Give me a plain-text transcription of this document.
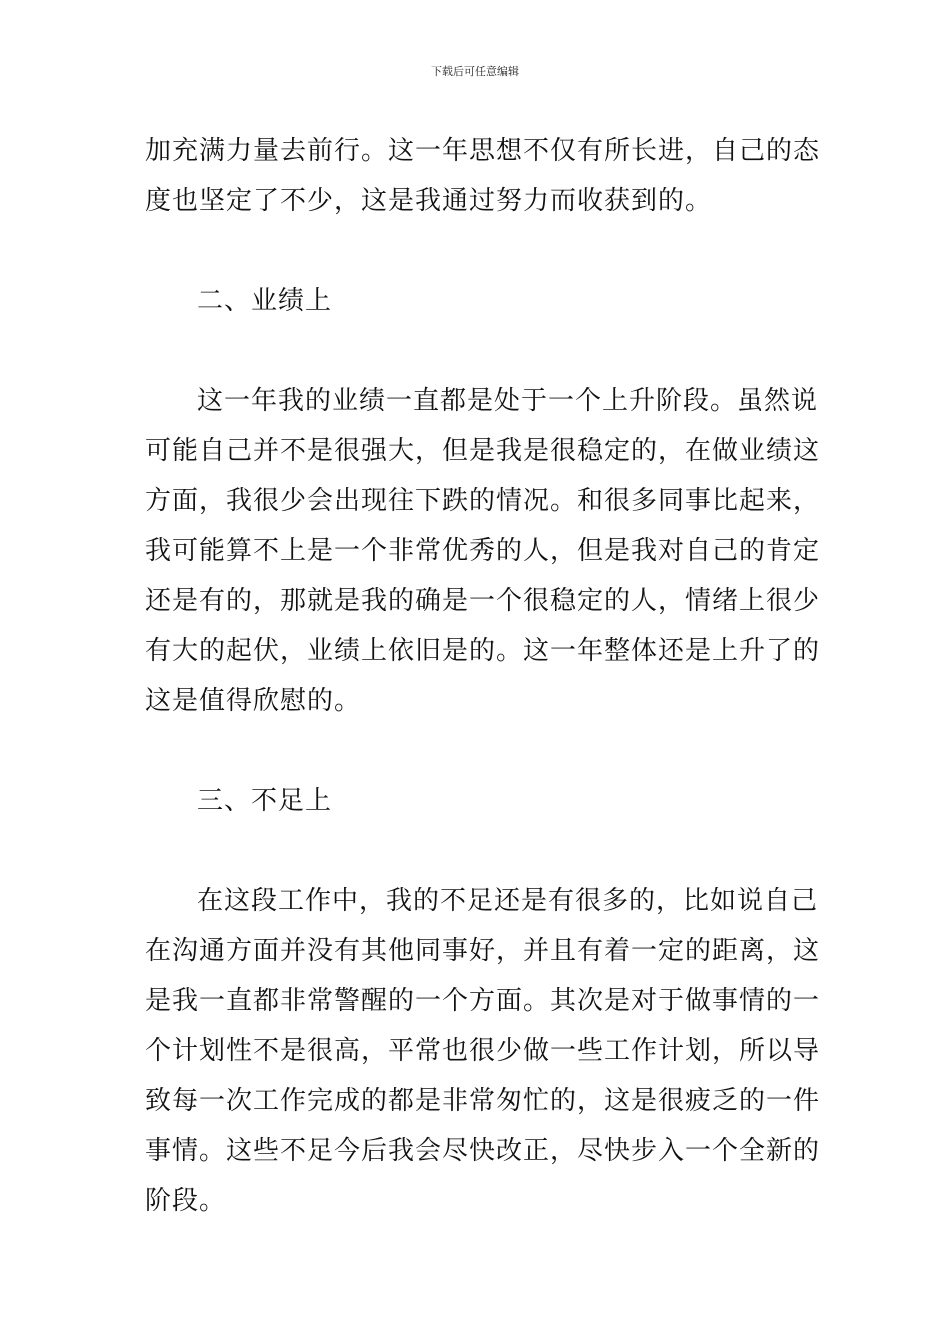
下载后可任意编辑
加充满力量去前行。这一年思想不仅有所长进，自己的态
度也坚定了不少，这是我通过努力而收获到的。
二、业绩上
这一年我的业绩一直都是处于一个上升阶段。虽然说
可能自己并不是很强大，但是我是很稳定的，在做业绩这
方面，我很少会出现往下跌的情况。和很多同事比起来，
我可能算不上是一个非常优秀的人，但是我对自己的肯定
还是有的，那就是我的确是一个很稳定的人，情绪上很少
有大的起伏，业绩上依旧是的。这一年整体还是上升了的
这是值得欣慰的。
三、不足上
在这段工作中，我的不足还是有很多的，比如说自己
在沟通方面并没有其他同事好，并且有着一定的距离，这
是我一直都非常警醒的一个方面。其次是对于做事情的一
个计划性不是很高，平常也很少做一些工作计划，所以导
致每一次工作完成的都是非常匆忙的，这是很疲乏的一件
事情。这些不足今后我会尽快改正，尽快步入一个全新的
阶段。
